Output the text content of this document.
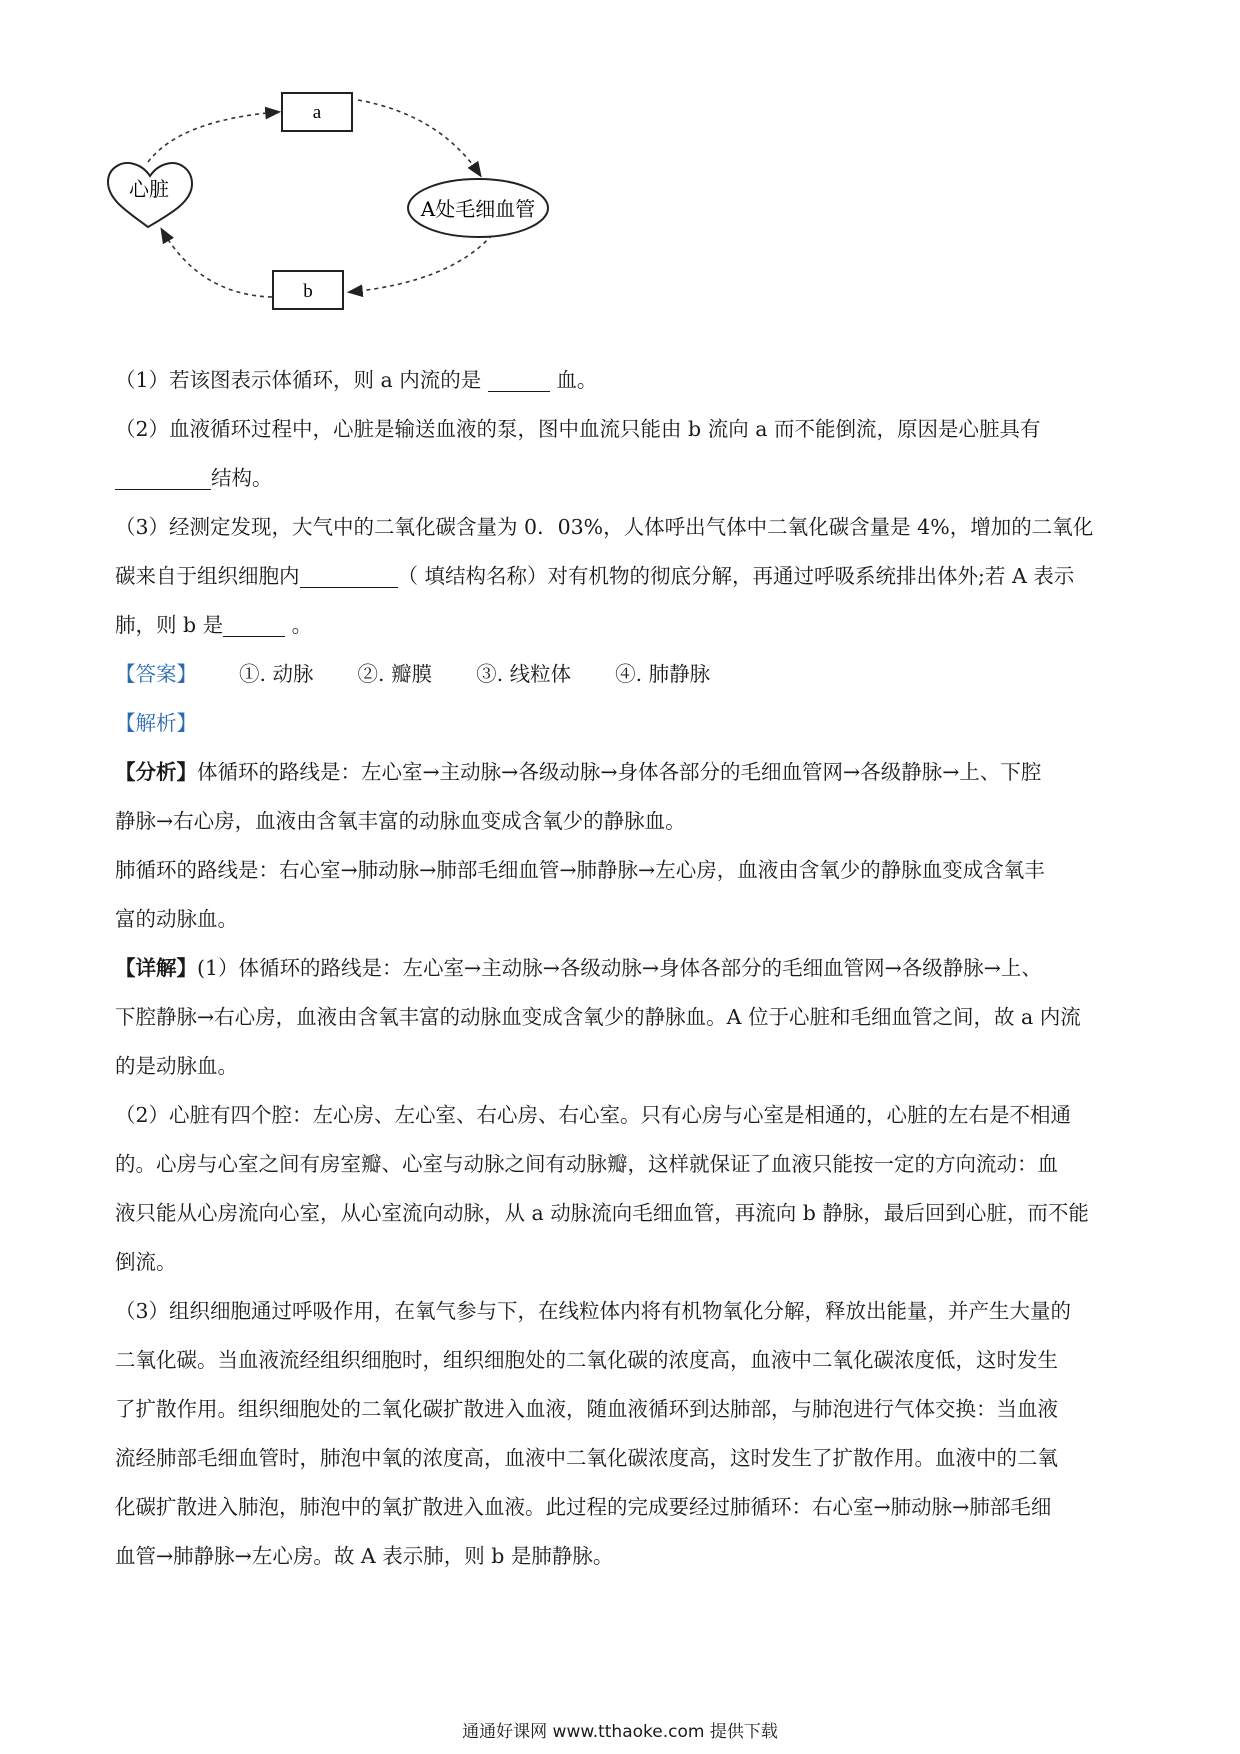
a
b
心脏
A处毛细血管

（1）若该图表示体循环，则 a 内流的是	血。

（2）血液循环过程中，心脏是输送血液的泵，图中血流只能由 b 流向 a 而不能倒流，原因是心脏具有

结构。

（3）经测定发现，大气中的二氧化碳含量为 0．03%，人体呼出气体中二氧化碳含量是 4%，增加的二氧化

碳来自于组织细胞内	（ 填结构名称）对有机物的彻底分解，再通过呼吸系统排出体外;若 A 表示

肺，则 b 是	。

【答案】 ①. 动脉 ②. 瓣膜 ③. 线粒体 ④. 肺静脉

【解析】

【分析】体循环的路线是：左心室→主动脉→各级动脉→身体各部分的毛细血管网→各级静脉→上、下腔

静脉→右心房，血液由含氧丰富的动脉血变成含氧少的静脉血。

肺循环的路线是：右心室→肺动脉→肺部毛细血管→肺静脉→左心房，血液由含氧少的静脉血变成含氧丰

富的动脉血。

【详解】(1）体循环的路线是：左心室→主动脉→各级动脉→身体各部分的毛细血管网→各级静脉→上、

下腔静脉→右心房，血液由含氧丰富的动脉血变成含氧少的静脉血。A 位于心脏和毛细血管之间，故 a 内流

的是动脉血。

（2）心脏有四个腔：左心房、左心室、右心房、右心室。只有心房与心室是相通的，心脏的左右是不相通

的。心房与心室之间有房室瓣、心室与动脉之间有动脉瓣，这样就保证了血液只能按一定的方向流动：血

液只能从心房流向心室，从心室流向动脉，从 a 动脉流向毛细血管，再流向 b 静脉，最后回到心脏，而不能

倒流。

（3）组织细胞通过呼吸作用，在氧气参与下，在线粒体内将有机物氧化分解，释放出能量，并产生大量的

二氧化碳。当血液流经组织细胞时，组织细胞处的二氧化碳的浓度高，血液中二氧化碳浓度低，这时发生

了扩散作用。组织细胞处的二氧化碳扩散进入血液，随血液循环到达肺部，与肺泡进行气体交换：当血液

流经肺部毛细血管时，肺泡中氧的浓度高，血液中二氧化碳浓度高，这时发生了扩散作用。血液中的二氧

化碳扩散进入肺泡，肺泡中的氧扩散进入血液。此过程的完成要经过肺循环：右心室→肺动脉→肺部毛细

血管→肺静脉→左心房。故 A 表示肺，则 b 是肺静脉。

通通好课网 www.tthaoke.com 提供下载
